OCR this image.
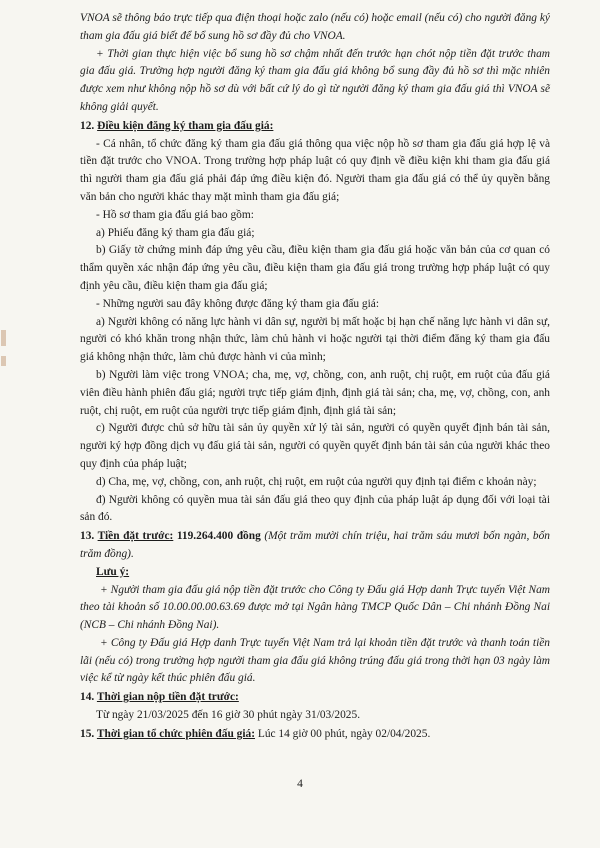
VNOA sẽ thông báo trực tiếp qua điện thoại hoặc zalo (nếu có) hoặc email (nếu có) cho người đăng ký tham gia đấu giá biết để bổ sung hồ sơ đầy đủ cho VNOA.

+ Thời gian thực hiện việc bổ sung hồ sơ chậm nhất đến trước hạn chót nộp tiền đặt trước tham gia đấu giá. Trường hợp người đăng ký tham gia đấu giá không bổ sung đầy đủ hồ sơ thì mặc nhiên được xem như không nộp hồ sơ dù với bất cứ lý do gì từ người đăng ký tham gia đấu giá thì VNOA sẽ không giải quyết.

12. Điều kiện đăng ký tham gia đấu giá:

- Cá nhân, tổ chức đăng ký tham gia đấu giá thông qua việc nộp hồ sơ tham gia đấu giá hợp lệ và tiền đặt trước cho VNOA. Trong trường hợp pháp luật có quy định về điều kiện khi tham gia đấu giá thì người tham gia đấu giá phải đáp ứng điều kiện đó. Người tham gia đấu giá có thể ủy quyền bằng văn bản cho người khác thay mặt mình tham gia đấu giá;

- Hồ sơ tham gia đấu giá bao gồm:

a) Phiếu đăng ký tham gia đấu giá;

b) Giấy tờ chứng minh đáp ứng yêu cầu, điều kiện tham gia đấu giá hoặc văn bản của cơ quan có thẩm quyền xác nhận đáp ứng yêu cầu, điều kiện tham gia đấu giá trong trường hợp pháp luật có quy định yêu cầu, điều kiện tham gia đấu giá;

- Những người sau đây không được đăng ký tham gia đấu giá:

a) Người không có năng lực hành vi dân sự, người bị mất hoặc bị hạn chế năng lực hành vi dân sự, người có khó khăn trong nhận thức, làm chủ hành vi hoặc người tại thời điểm đăng ký tham gia đấu giá không nhận thức, làm chủ được hành vi của mình;

b) Người làm việc trong VNOA; cha, mẹ, vợ, chồng, con, anh ruột, chị ruột, em ruột của đấu giá viên điều hành phiên đấu giá; người trực tiếp giám định, định giá tài sản; cha, mẹ, vợ, chồng, con, anh ruột, chị ruột, em ruột của người trực tiếp giám định, định giá tài sản;

c) Người được chủ sở hữu tài sản ủy quyền xử lý tài sản, người có quyền quyết định bán tài sản, người ký hợp đồng dịch vụ đấu giá tài sản, người có quyền quyết định bán tài sản của người khác theo quy định của pháp luật;

d) Cha, mẹ, vợ, chồng, con, anh ruột, chị ruột, em ruột của người quy định tại điểm c khoản này;

đ) Người không có quyền mua tài sản đấu giá theo quy định của pháp luật áp dụng đối với loại tài sản đó.

13. Tiền đặt trước: 119.264.400 đồng (Một trăm mười chín triệu, hai trăm sáu mươi bốn ngàn, bốn trăm đồng).

Lưu ý:

+ Người tham gia đấu giá nộp tiền đặt trước cho Công ty Đấu giá Hợp danh Trực tuyến Việt Nam theo tài khoản số 10.00.00.00.63.69 được mở tại Ngân hàng TMCP Quốc Dân – Chi nhánh Đồng Nai (NCB – Chi nhánh Đồng Nai).

+ Công ty Đấu giá Hợp danh Trực tuyến Việt Nam trả lại khoản tiền đặt trước và thanh toán tiền lãi (nếu có) trong trường hợp người tham gia đấu giá không trúng đấu giá trong thời hạn 03 ngày làm việc kể từ ngày kết thúc phiên đấu giá.

14. Thời gian nộp tiền đặt trước:

Từ ngày 21/03/2025 đến 16 giờ 30 phút ngày 31/03/2025.

15. Thời gian tổ chức phiên đấu giá: Lúc 14 giờ 00 phút, ngày 02/04/2025.

4
